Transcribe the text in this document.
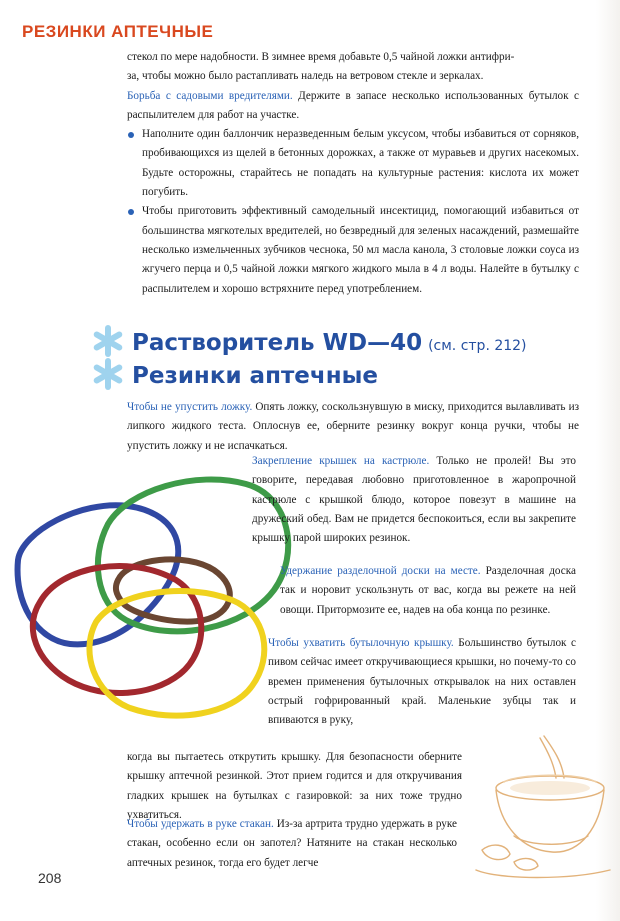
РЕЗИНКИ АПТЕЧНЫЕ

стекол по мере надобности. В зимнее время добавьте 0,5 чайной ложки антифри-

за, чтобы можно было растапливать наледь на ветровом стекле и зеркалах.

Борьба с садовыми вредителями. Держите в запасе несколько использованных бутылок с распылителем для работ на участке.

Наполните один баллончик неразведенным белым уксусом, чтобы избавиться от сорняков, пробивающихся из щелей в бетонных дорожках, а также от муравьев и других насекомых. Будьте осторожны, старайтесь не попадать на культурные растения: кислота их может погубить.
Чтобы приготовить эффективный самодельный инсектицид, помогающий избавиться от большинства мягкотелых вредителей, но безвредный для зеленых насаждений, размешайте несколько измельченных зубчиков чеснока, 50 мл масла канола, 3 столовые ложки соуса из жгучего перца и 0,5 чайной ложки мягкого жидкого мыла в 4 л воды. Налейте в бутылку с распылителем и хорошо встряхните перед употреблением.
Растворитель WD—40 (см. стр. 212)
Резинки аптечные

Чтобы не упустить ложку. Опять ложку, соскользнувшую в миску, приходится вылавливать из липкого жидкого теста. Оплоснув ее, оберните резинку вокруг конца ручки, чтобы не упустить ложку и не испачкаться.

Закрепление крышек на кастрюле. Только не пролей! Вы это говорите, передавая любовно приготовленное в жаропрочной кастрюле с крышкой блюдо, которое повезут в машине на дружеский обед. Вам не придется беспокоиться, если вы закрепите крышку парой широких резинок.

Удержание разделочной доски на месте. Разделочная доска так и норовит ускользнуть от вас, когда вы режете на ней овощи. Притормозите ее, надев на оба конца по резинке.

Чтобы ухватить бутылочную крышку. Большинство бутылок с пивом сейчас имеет откручивающиеся крышки, но почему-то со времен применения бутылочных открывалок на них оставлен острый гофрированный край. Маленькие зубцы так и впиваются в руку,

когда вы пытаетесь открутить крышку. Для безопасности оберните крышку аптечной резинкой. Этот прием годится и для откручивания гладких крышек на бутылках с газировкой: за них тоже трудно ухватиться.

Чтобы удержать в руке стакан. Из-за артрита трудно удержать в руке стакан, особенно если он запотел? Натяните на стакан несколько аптечных резинок, тогда его будет легче

208
